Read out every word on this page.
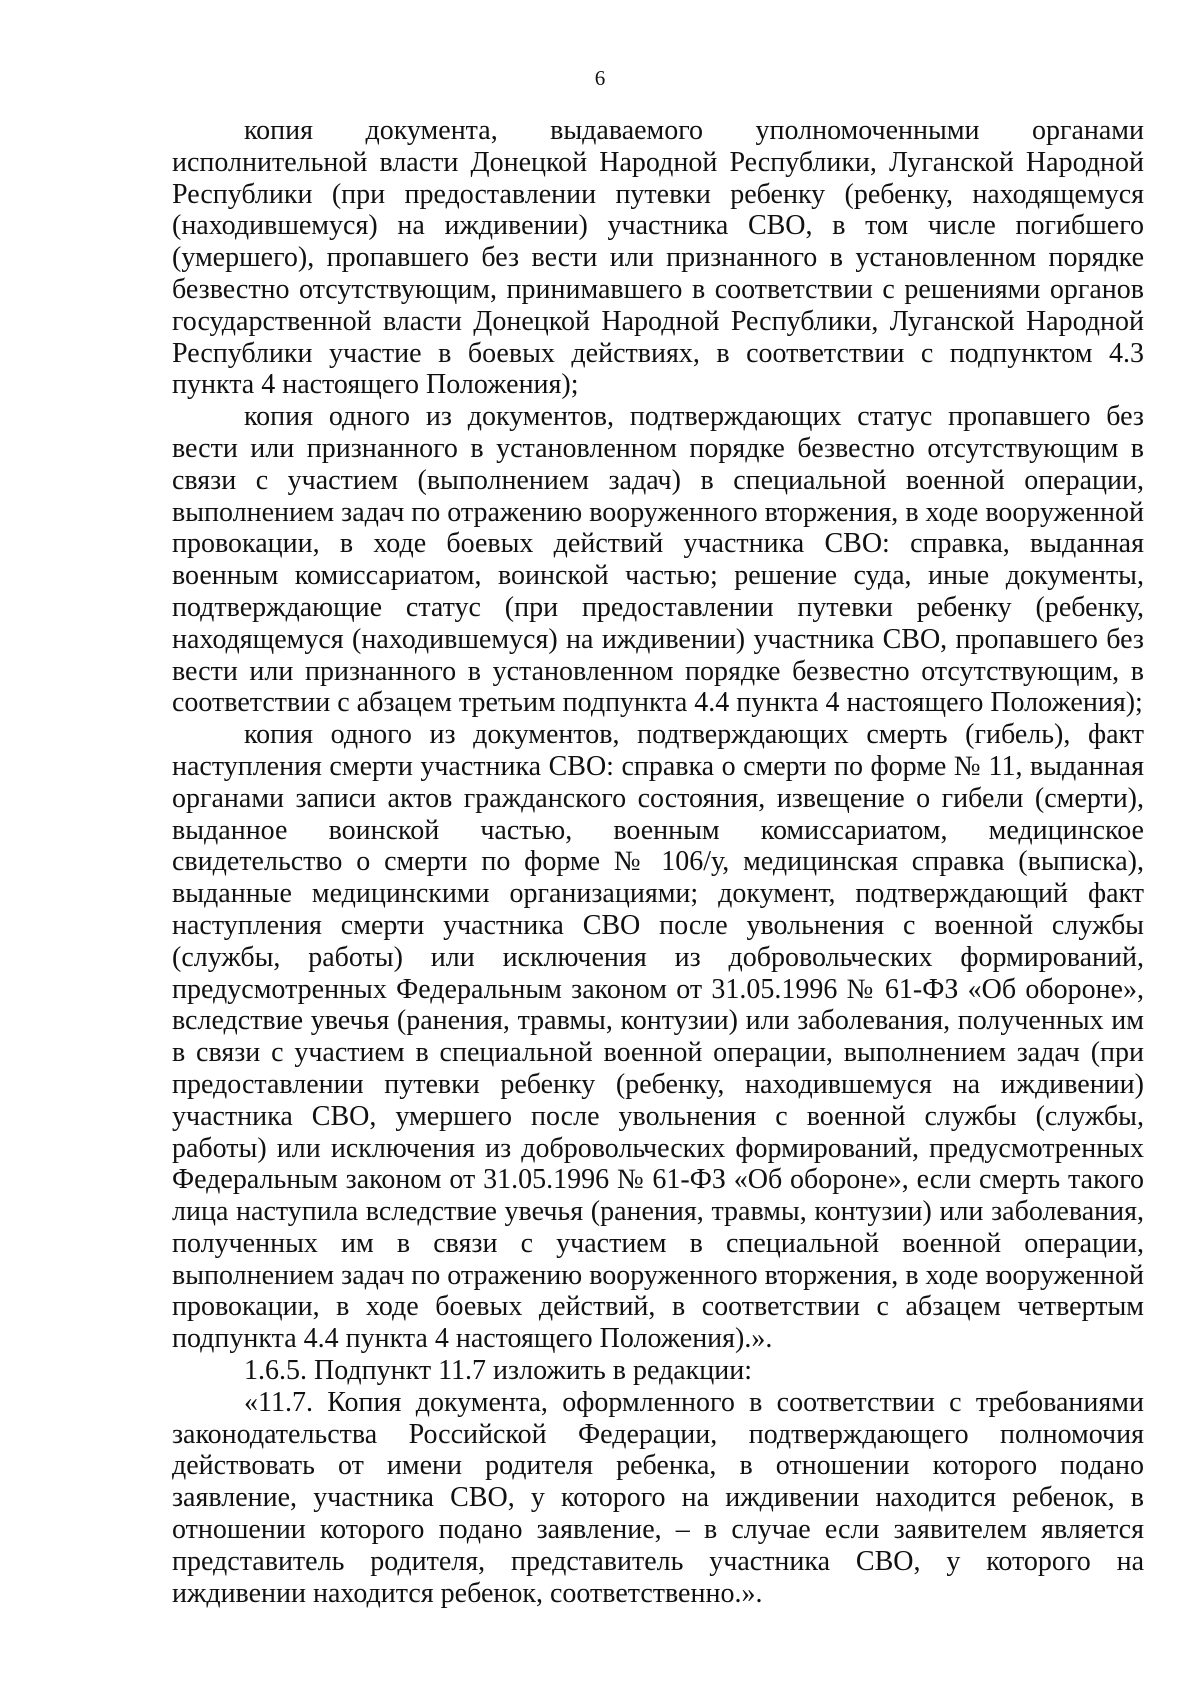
6

копия документа, выдаваемого уполномоченными органами исполнительной власти Донецкой Народной Республики, Луганской Народной Республики (при предоставлении путевки ребенку (ребенку, находящемуся (находившемуся) на иждивении) участника СВО, в том числе погибшего (умершего), пропавшего без вести или признанного в установленном порядке безвестно отсутствующим, принимавшего в соответствии с решениями органов государственной власти Донецкой Народной Республики, Луганской Народной Республики участие в боевых действиях, в соответствии с подпунктом 4.3 пункта 4 настоящего Положения);

копия одного из документов, подтверждающих статус пропавшего без вести или признанного в установленном порядке безвестно отсутствующим в связи с участием (выполнением задач) в специальной военной операции, выполнением задач по отражению вооруженного вторжения, в ходе вооруженной провокации, в ходе боевых действий участника СВО: справка, выданная военным комиссариатом, воинской частью; решение суда, иные документы, подтверждающие статус (при предоставлении путевки ребенку (ребенку, находящемуся (находившемуся) на иждивении) участника СВО, пропавшего без вести или признанного в установленном порядке безвестно отсутствующим, в соответствии с абзацем третьим подпункта 4.4 пункта 4 настоящего Положения);

копия одного из документов, подтверждающих смерть (гибель), факт наступления смерти участника СВО: справка о смерти по форме № 11, выданная органами записи актов гражданского состояния, извещение о гибели (смерти), выданное воинской частью, военным комиссариатом, медицинское свидетельство о смерти по форме № 106/у, медицинская справка (выписка), выданные медицинскими организациями; документ, подтверждающий факт наступления смерти участника СВО после увольнения с военной службы (службы, работы) или исключения из добровольческих формирований, предусмотренных Федеральным законом от 31.05.1996 № 61-ФЗ «Об обороне», вследствие увечья (ранения, травмы, контузии) или заболевания, полученных им в связи с участием в специальной военной операции, выполнением задач (при предоставлении путевки ребенку (ребенку, находившемуся на иждивении) участника СВО, умершего после увольнения с военной службы (службы, работы) или исключения из добровольческих формирований, предусмотренных Федеральным законом от 31.05.1996 № 61-ФЗ «Об обороне», если смерть такого лица наступила вследствие увечья (ранения, травмы, контузии) или заболевания, полученных им в связи с участием в специальной военной операции, выполнением задач по отражению вооруженного вторжения, в ходе вооруженной провокации, в ходе боевых действий, в соответствии с абзацем четвертым подпункта 4.4 пункта 4 настоящего Положения).».

1.6.5. Подпункт 11.7 изложить в редакции:

«11.7. Копия документа, оформленного в соответствии с требованиями законодательства Российской Федерации, подтверждающего полномочия действовать от имени родителя ребенка, в отношении которого подано заявление, участника СВО, у которого на иждивении находится ребенок, в отношении которого подано заявление, – в случае если заявителем является представитель родителя, представитель участника СВО, у которого на иждивении находится ребенок, соответственно.».
